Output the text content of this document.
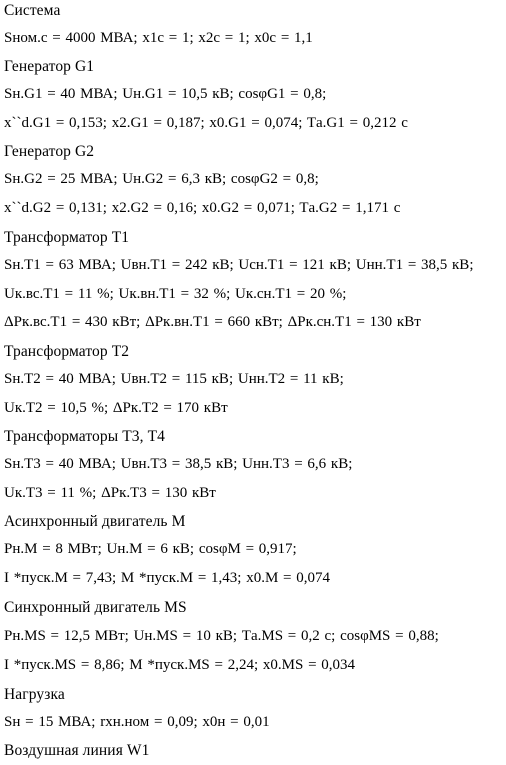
Система

Sном.с = 4000 МВА; x1с = 1; x2с = 1; x0с = 1,1

Генератор G1

Sн.G1 = 40 МВА; Uн.G1 = 10,5 кВ; cosφG1 = 0,8;

x``d.G1 = 0,153; x2.G1 = 0,187; x0.G1 = 0,074; Tа.G1 = 0,212 с

Генератор G2

Sн.G2 = 25 МВА; Uн.G2 = 6,3 кВ; cosφG2 = 0,8;

x``d.G2 = 0,131; x2.G2 = 0,16; x0.G2 = 0,071; Tа.G2 = 1,171 с

Трансформатор Т1

Sн.Т1 = 63 МВА; Uвн.Т1 = 242 кВ; Uсн.Т1 = 121 кВ; Uнн.Т1 = 38,5 кВ;

Uк.вс.Т1 = 11 %; Uк.вн.Т1 = 32 %; Uк.сн.Т1 = 20 %;

ΔPк.вс.Т1 = 430 кВт; ΔPк.вн.Т1 = 660 кВт; ΔPк.сн.Т1 = 130 кВт

Трансформатор Т2

Sн.Т2 = 40 МВА; Uвн.Т2 = 115 кВ; Uнн.Т2 = 11 кВ;

Uк.Т2 = 10,5 %; ΔPк.Т2 = 170 кВт

Трансформаторы Т3, Т4

Sн.Т3 = 40 МВА; Uвн.Т3 = 38,5 кВ; Uнн.Т3 = 6,6 кВ;

Uк.Т3 = 11 %; ΔPк.Т3 = 130 кВт

Асинхронный двигатель М

Pн.M = 8 МВт; Uн.M = 6 кВ; cosφM = 0,917;

I *пуск.M = 7,43; M *пуск.M = 1,43; x0.M = 0,074

Синхронный двигатель МS

Pн.MS = 12,5 МВт; Uн.MS = 10 кВ; Tа.MS = 0,2 с; cosφMS = 0,88;

I *пуск.MS = 8,86; M *пуск.MS = 2,24; x0.MS = 0,034

Нагрузка

Sн = 15 МВА; rхн.ном = 0,09; x0н = 0,01

Воздушная линия W1
